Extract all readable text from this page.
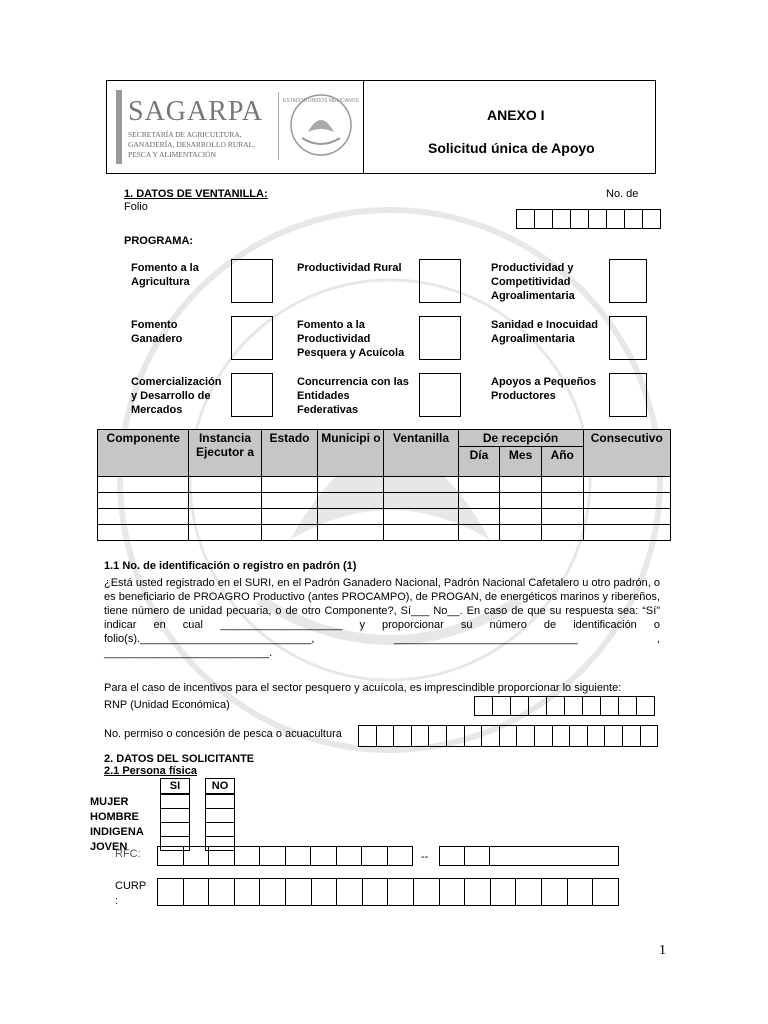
SAGARPA
SECRETARÍA DE AGRICULTURA,
GANADERÍA, DESARROLLO RURAL,
PESCA Y ALIMENTACIÓN
ESTADOS UNIDOS MEXICANOS
ANEXO I
Solicitud única de Apoyo
1. DATOS DE VENTANILLA:	No. de
Folio
PROGRAMA:
Fomento a la
Agricultura
Productividad Rural	Productividad y
Competitividad
Agroalimentaria
Fomento
Ganadero
Fomento a la
Productividad
Pesquera y Acuícola
Sanidad e Inocuidad
Agroalimentaria
Comercialización
y Desarrollo de
Mercados
Concurrencia con las
Entidades
Federativas
Apoyos a Pequeños
Productores
Componente	Instancia Ejecutor a	Estado	Municipi o	Ventanilla	De recepción			Consecutivo
					Día	Mes	Año	

1.1 No. de identificación o registro en padrón (1)
¿Está usted registrado en el SURI, en el Padrón Ganadero Nacional, Padrón Nacional Cafetalero u otro padrón, o es beneficiario de PROAGRO Productivo (antes PROCAMPO), de PROGAN, de energéticos marinos y ribereños, tiene número de unidad pecuaria, o de otro Componente?, Sí___ No__. En caso de que su respuesta sea: “Sí” indicar en cual ____________________ y proporcionar su número de identificación o folio(s).____________________________, ______________________________ , ___________________________.
Para el caso de incentivos para el sector pesquero y acuícola, es imprescindible proporcionar lo siguiente:
RNP (Unidad Económica)
No. permiso o concesión de pesca o acuacultura
2. DATOS DEL SOLICITANTE
2.1 Persona física
SI	NO
MUJER
HOMBRE
INDIGENA
JOVEN
RFC:	--
CURP
:
1
